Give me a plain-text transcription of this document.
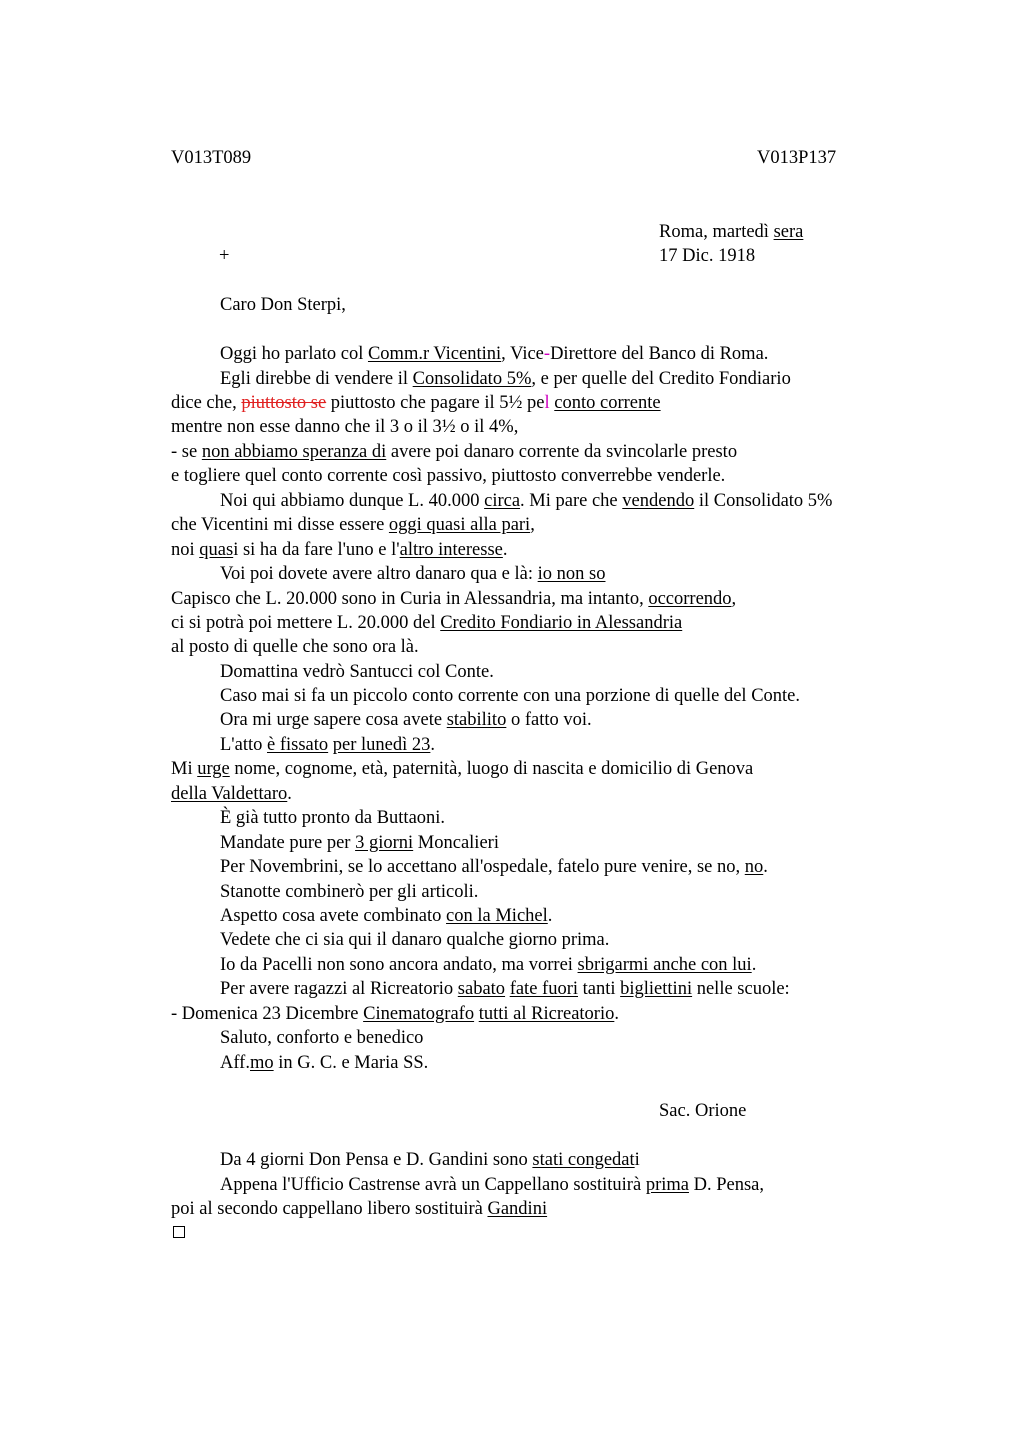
V013T089	V013P137
Roma, martedì sera
+	17 Dic. 1918
Caro Don Sterpi,
Oggi ho parlato col Comm.r Vicentini, Vice-Direttore del Banco di Roma.
Egli direbbe di vendere il Consolidato 5%, e per quelle del Credito Fondiario
dice che, piuttosto se piuttosto che pagare il 5½ pel conto corrente
mentre non esse danno che il 3 o il 3½ o il 4%,
- se non abbiamo speranza di avere poi danaro corrente da svincolarle presto
e togliere quel conto corrente così passivo, piuttosto converrebbe venderle.
Noi qui abbiamo dunque L. 40.000 circa. Mi pare che vendendo il Consolidato 5%
che Vicentini mi disse essere oggi quasi alla pari,
noi quasi si ha da fare l'uno e l'altro interesse.
Voi poi dovete avere altro danaro qua e là: io non so
Capisco che L. 20.000 sono in Curia in Alessandria, ma intanto, occorrendo,
ci si potrà poi mettere L. 20.000 del Credito Fondiario in Alessandria
al posto di quelle che sono ora là.
Domattina vedrò Santucci col Conte.
Caso mai si fa un piccolo conto corrente con una porzione di quelle del Conte.
Ora mi urge sapere cosa avete stabilito o fatto voi.
L'atto è fissato per lunedì 23.
Mi urge nome, cognome, età, paternità, luogo di nascita e domicilio di Genova
della Valdettaro.
È già tutto pronto da Buttaoni.
Mandate pure per 3 giorni Moncalieri
Per Novembrini, se lo accettano all'ospedale, fatelo pure venire, se no, no.
Stanotte combinerò per gli articoli.
Aspetto cosa avete combinato con la Michel.
Vedete che ci sia qui il danaro qualche giorno prima.
Io da Pacelli non sono ancora andato, ma vorrei sbrigarmi anche con lui.
Per avere ragazzi al Ricreatorio sabato fate fuori tanti bigliettini nelle scuole:
- Domenica 23 Dicembre Cinematografo tutti al Ricreatorio.
Saluto, conforto e benedico
Aff.mo in G. C. e Maria SS.
Sac. Orione
Da 4 giorni Don Pensa e D. Gandini sono stati congedati
Appena l'Ufficio Castrense avrà un Cappellano sostituirà prima D. Pensa,
poi al secondo cappellano libero sostituirà Gandini
